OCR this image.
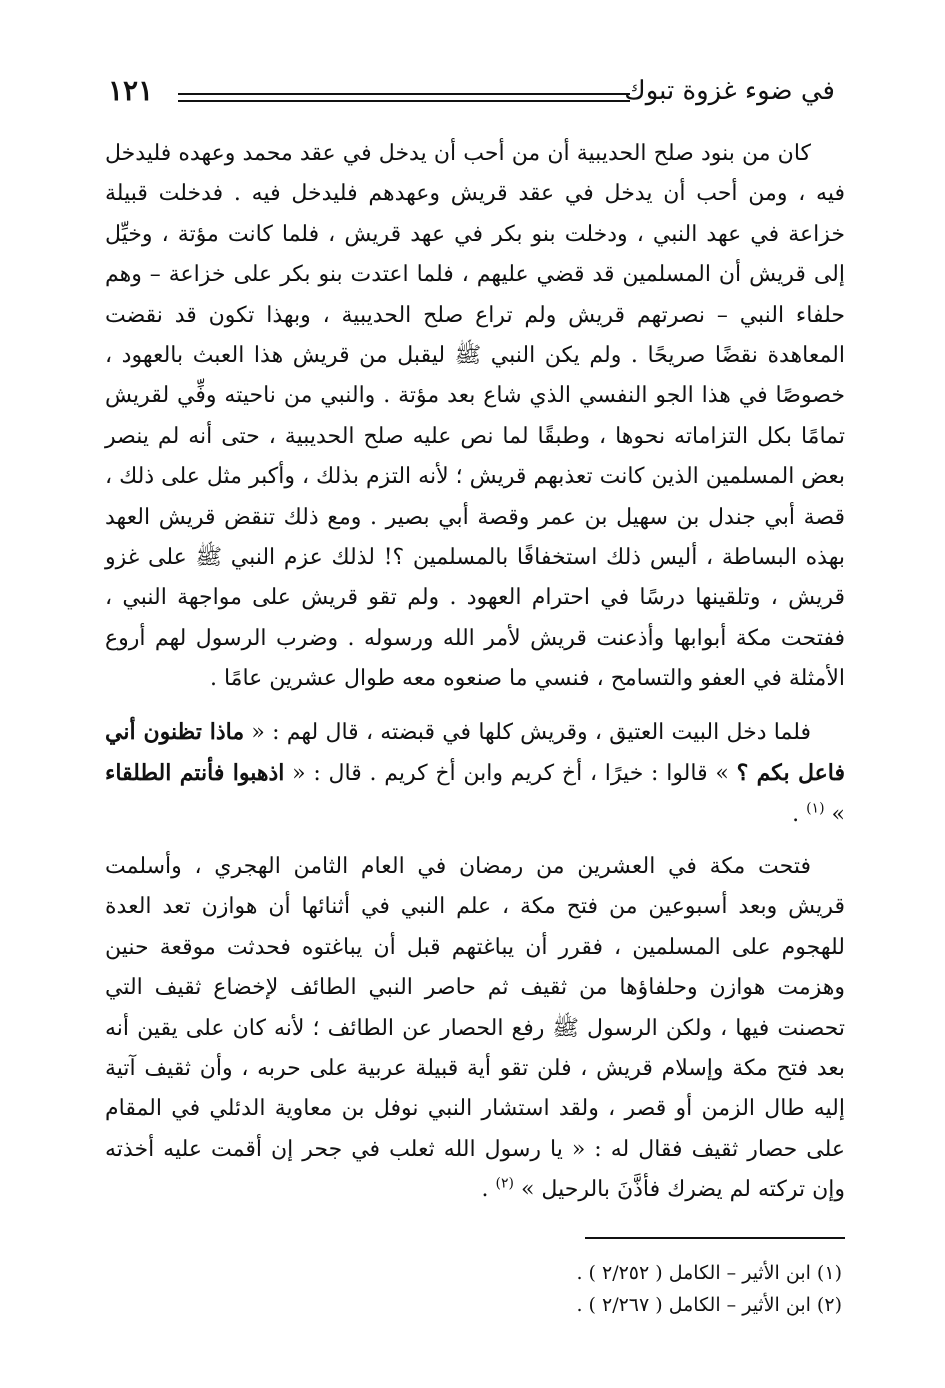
في ضوء غزوة تبوك
١٢١

كان من بنود صلح الحديبية أن من أحب أن يدخل في عقد محمد وعهده فليدخل فيه ، ومن أحب أن يدخل في عقد قريش وعهدهم فليدخل فيه . فدخلت قبيلة خزاعة في عهد النبي ، ودخلت بنو بكر في عهد قريش ، فلما كانت مؤتة ، وخيِّل إلى قريش أن المسلمين قد قضي عليهم ، فلما اعتدت بنو بكر على خزاعة – وهم حلفاء النبي – نصرتهم قريش ولم تراع صلح الحديبية ، وبهذا تكون قد نقضت المعاهدة نقضًا صريحًا . ولم يكن النبي ﷺ ليقبل من قريش هذا العبث بالعهود ، خصوصًا في هذا الجو النفسي الذي شاع بعد مؤتة . والنبي من ناحيته وفِّي لقريش تمامًا بكل التزاماته نحوها ، وطبقًا لما نص عليه صلح الحديبية ، حتى أنه لم ينصر بعض المسلمين الذين كانت تعذبهم قريش ؛ لأنه التزم بذلك ، وأكبر مثل على ذلك ، قصة أبي جندل بن سهيل بن عمر وقصة أبي بصير . ومع ذلك تنقض قريش العهد بهذه البساطة ، أليس ذلك استخفافًا بالمسلمين ؟! لذلك عزم النبي ﷺ على غزو قريش ، وتلقينها درسًا في احترام العهود . ولم تقو قريش على مواجهة النبي ، ففتحت مكة أبوابها وأذعنت قريش لأمر الله ورسوله . وضرب الرسول لهم أروع الأمثلة في العفو والتسامح ، فنسي ما صنعوه معه طوال عشرين عامًا .

فلما دخل البيت العتيق ، وقريش كلها في قبضته ، قال لهم : « ماذا تظنون أني فاعل بكم ؟ » قالوا : خيرًا ، أخ كريم وابن أخ كريم . قال : « اذهبوا فأنتم الطلقاء » $^{(١)}$ .

فتحت مكة في العشرين من رمضان في العام الثامن الهجري ، وأسلمت قريش وبعد أسبوعين من فتح مكة ، علم النبي في أثنائها أن هوازن تعد العدة للهجوم على المسلمين ، فقرر أن يباغتهم قبل أن يباغتوه فحدثت موقعة حنين وهزمت هوازن وحلفاؤها من ثقيف ثم حاصر النبي الطائف لإخضاع ثقيف التي تحصنت فيها ، ولكن الرسول ﷺ رفع الحصار عن الطائف ؛ لأنه كان على يقين أنه بعد فتح مكة وإسلام قريش ، فلن تقو أية قبيلة عربية على حربه ، وأن ثقيف آتية إليه طال الزمن أو قصر ، ولقد استشار النبي نوفل بن معاوية الدئلي في المقام على حصار ثقيف فقال له : « يا رسول الله ثعلب في جحر إن أقمت عليه أخذته وإن تركته لم يضرك فأذَّنَ بالرحيل » $^{(٢)}$ .

(١) ابن الأثير – الكامل ( ٢/٢٥٢ ) .
(٢) ابن الأثير – الكامل ( ٢/٢٦٧ ) .
